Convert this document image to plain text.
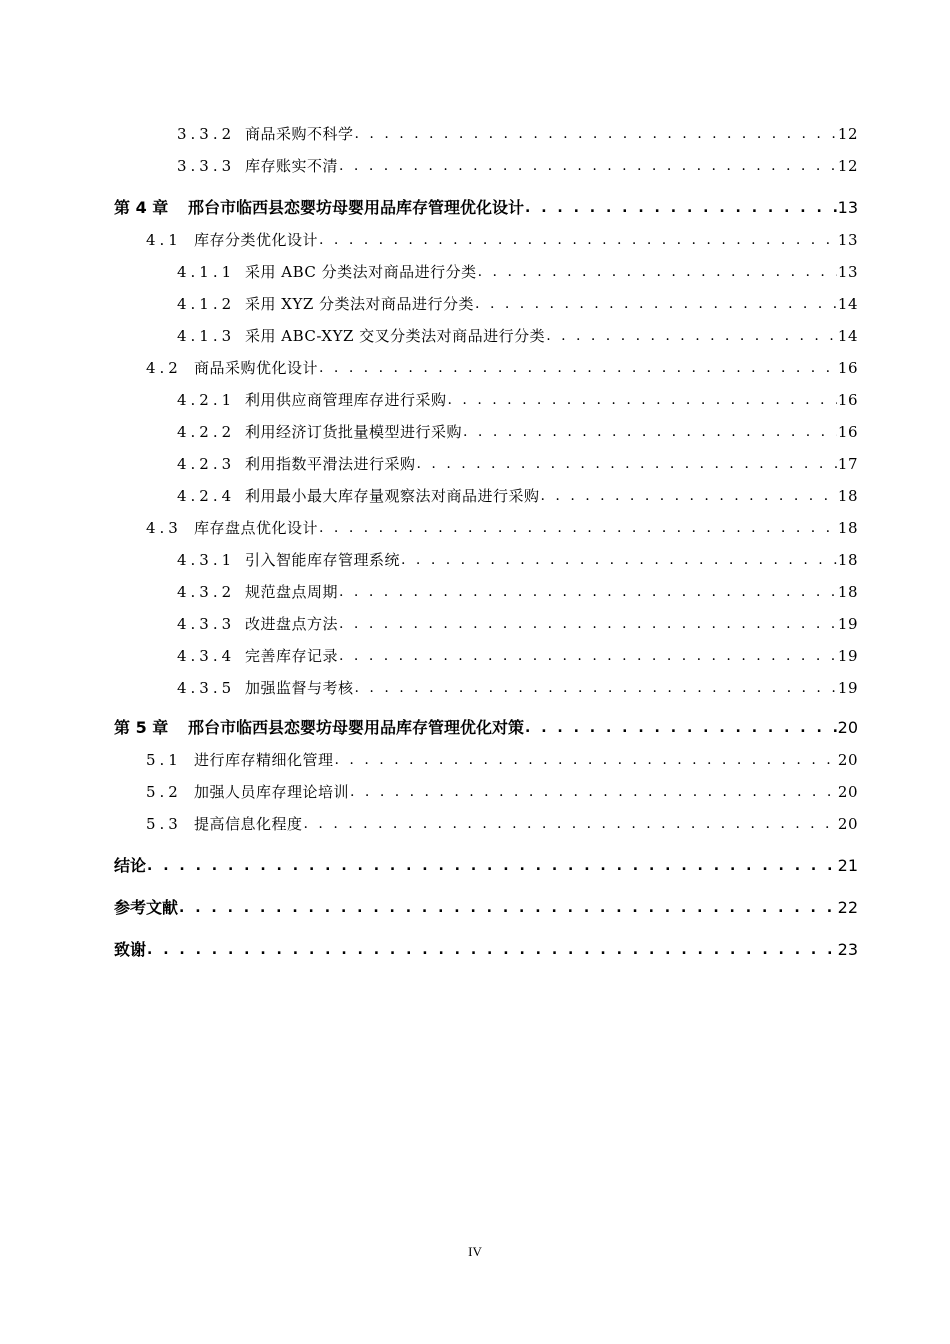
3.3.2 商品采购不科学 . . .	12
3.3.3 库存账实不清 . . .	12
第 4 章	邢台市临西县恋婴坊母婴用品库存管理优化设计 . . .	13
4.1 库存分类优化设计 . . .	13
4.1.1 采用 ABC 分类法对商品进行分类 . . .	13
4.1.2 采用 XYZ 分类法对商品进行分类 . . .	14
4.1.3 采用 ABC-XYZ 交叉分类法对商品进行分类 . . .	14
4.2 商品采购优化设计 . . .	16
4.2.1 利用供应商管理库存进行采购 . . .	16
4.2.2 利用经济订货批量模型进行采购 . . .	16
4.2.3 利用指数平滑法进行采购 . . .	17
4.2.4 利用最小最大库存量观察法对商品进行采购 . . .	18
4.3 库存盘点优化设计 . . .	18
4.3.1 引入智能库存管理系统 . . .	18
4.3.2 规范盘点周期 . . .	18
4.3.3 改进盘点方法 . . .	19
4.3.4 完善库存记录 . . .	19
4.3.5 加强监督与考核 . . .	19
第 5 章	邢台市临西县恋婴坊母婴用品库存管理优化对策 . . .	20
5.1 进行库存精细化管理 . . .	20
5.2 加强人员库存理论培训 . . .	20
5.3 提高信息化程度 . . .	20
结论 . . .	21
参考文献 . . .	22
致谢 . . .	23
IV
